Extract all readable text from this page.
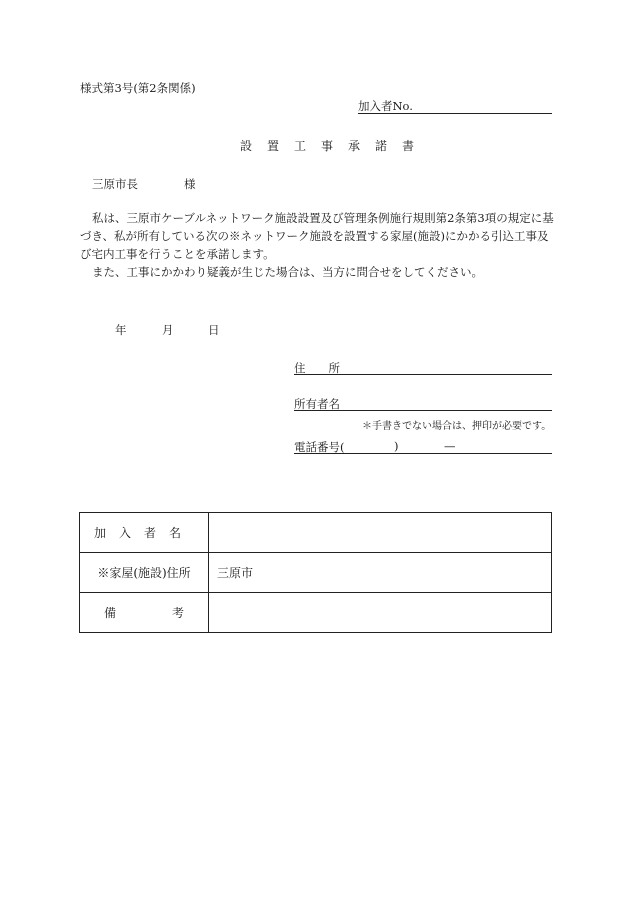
様式第3号(第2条関係)
加入者No.
設置工事承諾書
三原市長	様

私は、三原市ケーブルネットワーク施設設置及び管理条例施行規則第2条第3項の規定に基づき、私が所有している次の※ネットワーク施設を設置する家屋(施設)にかかる引込工事及び宅内工事を行うことを承諾します。

また、工事にかかわり疑義が生じた場合は、当方に問合せをしてください。

年	月	日
住　　所
所有者名
＊手書きでない場合は、押印が必要です。
電話番号(	)	—
加入者名	
※家屋(施設)住所	三原市

備 考	
